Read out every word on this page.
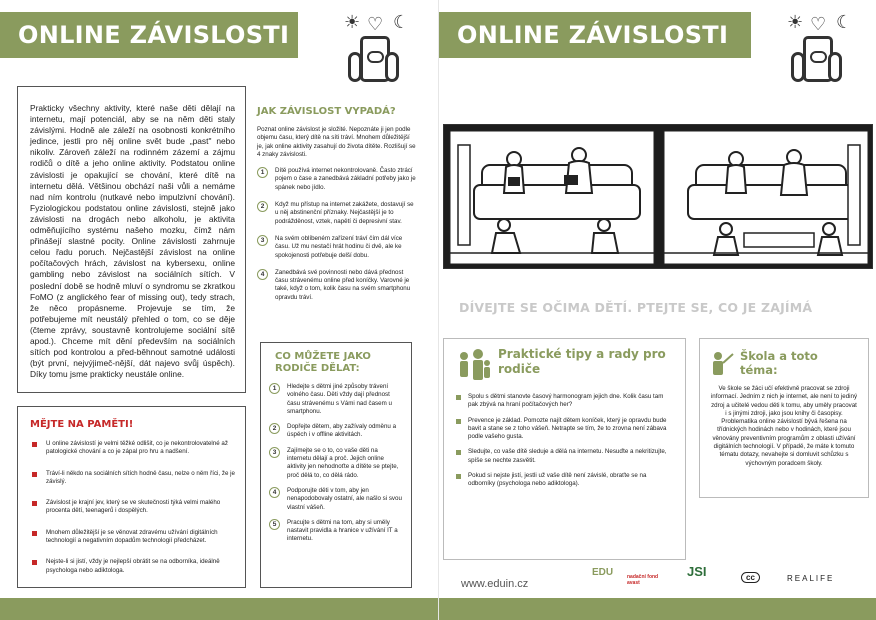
ONLINE ZÁVISLOSTI	☀ ♡ ☾

Prakticky všechny aktivity, které naše děti dělají na internetu, mají potenciál, aby se na něm děti staly závislými. Hodně ale záleží na osobnosti konkrétního jedince, jestli pro něj online svět bude „past" nebo nikoliv. Zároveň záleží na rodinném zázemí a zájmu rodičů o dítě a jeho online aktivity. Podstatou online závislosti je opakující se chování, které dítě na internetu dělá. Většinou obchází naši vůli a nemáme nad ním kontrolu (nutkavé nebo impulzivní chování). Fyziologickou podstatou online závislosti, stejně jako závislosti na drogách nebo alkoholu, je aktivita odměňujícího systému našeho mozku, čímž nám přinášejí slastné pocity. Online závislosti zahrnuje celou řadu poruch. Nejčastější závislost na online počítačových hrách, závislost na kybersexu, online gambling nebo závislost na sociálních sítích. V poslední době se hodně mluví o syndromu se zkratkou FoMO (z anglického fear of missing out), tedy strach, že něco propásneme. Projevuje se tím, že potřebujeme mít neustálý přehled o tom, co se děje (čteme zprávy, soustavně kontrolujeme sociální sítě apod.). Chceme mít dění především na sociálních sítích pod kontrolou a před-běhnout samotné události (být první, nejvýjimeč-nější, dát najevo svůj úspěch). Díky tomu jsme prakticky neustále online.

MĚJTE NA PAMĚTI!
U online závislostí je velmi těžké odlišit, co je nekontrolovatelné až patologické chování a co je zápal pro hru a nadšení.
Tráví-li někdo na sociálních sítích hodně času, nelze o něm říci, že je závislý.
Závislost je krajní jev, který se ve skutečnosti týká velmi malého procenta dětí, teenagerů i dospělých.
Mnohem důležitější je se věnovat zdravému užívání digitálních technologií a negativním dopadům technologií předcházet.
Nejste-li si jistí, vždy je nejlepší obrátit se na odborníka, ideálně psychologa nebo adiktologa.
JAK ZÁVISLOST VYPADÁ?

Poznat online závislost je složité. Nepoznáte ji jen podle objemu času, který dítě na síti tráví. Mnohem důležitější je, jak online aktivity zasahují do života dítěte. Rozlišují se 4 znaky závislosti.

1	Dítě používá internet nekontrolovaně. Často ztrácí pojem o čase a zanedbává základní potřeby jako je spánek nebo jídlo.
2	Když mu přístup na internet zakážete, dostavují se u něj abstinenční příznaky. Nejčastější je to podrážděnost, vztek, napětí či depresivní stav.
3	Na svém oblíbeném zařízení tráví čím dál více času. Už mu nestačí hrát hodinu či dvě, ale ke spokojenosti potřebuje delší dobu.
4	Zanedbává své povinnosti nebo dává přednost času strávenému online před koníčky. Varovné je také, když o tom, kolik času na svém smartphonu opravdu tráví.
CO MŮŽETE JAKO RODIČE DĚLAT:
1	Hledejte s dětmi jiné způsoby trávení volného času. Děti vždy dají přednost času strávenému s Vámi nad časem u smartphonu.
2	Dopřejte dětem, aby zažívaly odměnu a úspěch i v offline aktivitách.
3	Zajímejte se o to, co vaše děti na internetu dělají a proč. Jejich online aktivity jen nehodnoťte a dítěte se ptejte, proč dělá to, co dělá rádo.
4	Podporujte děti v tom, aby jen nenapodobovaly ostatní, ale našlo si svou vlastní vášeň.
5	Pracujte s dětmi na tom, aby si uměly nastavit pravidla a hranice v užívání IT a internetu.
ONLINE ZÁVISLOSTI	☀ ♡ ☾
DÍVEJTE SE OČIMA DĚTÍ. PTEJTE SE, CO JE ZAJÍMÁ
Praktické tipy a rady pro rodiče
Spolu s dětmi stanovte časový harmonogram jejich dne. Kolik času tam pak zbývá na hraní počítačových her?
Prevence je základ. Pomozte najít dětem koníček, který je opravdu bude bavit a stane se z toho vášeň. Netrapte se tím, že to zrovna není zábava podle vašeho gusta.
Sledujte, co vaše dítě sleduje a dělá na internetu. Nesuďte a nekritizujte, spíše se nechte zasvětit.
Pokud si nejste jistí, jestli už vaše dítě není závislé, obraťte se na odborníky (psychologa nebo adiktologa).
Škola a toto téma:

Ve škole se žáci učí efektivně pracovat se zdroji informací. Jedním z nich je internet, ale není to jediný zdroj a učitelé vedou děti k tomu, aby uměly pracovat i s jinými zdroji, jako jsou knihy či časopisy. Problematika online závislostí bývá řešena na třídnických hodinách nebo v hodinách, které jsou věnovány preventivním programům z oblasti užívání digitálních technologií. V případě, že máte k tomuto tématu dotazy, nevahejte si domluvit schůzku s výchovným poradcem školy.

www.eduin.cz
EDU	nadační fond avast
JSI	cc	REALIFE
